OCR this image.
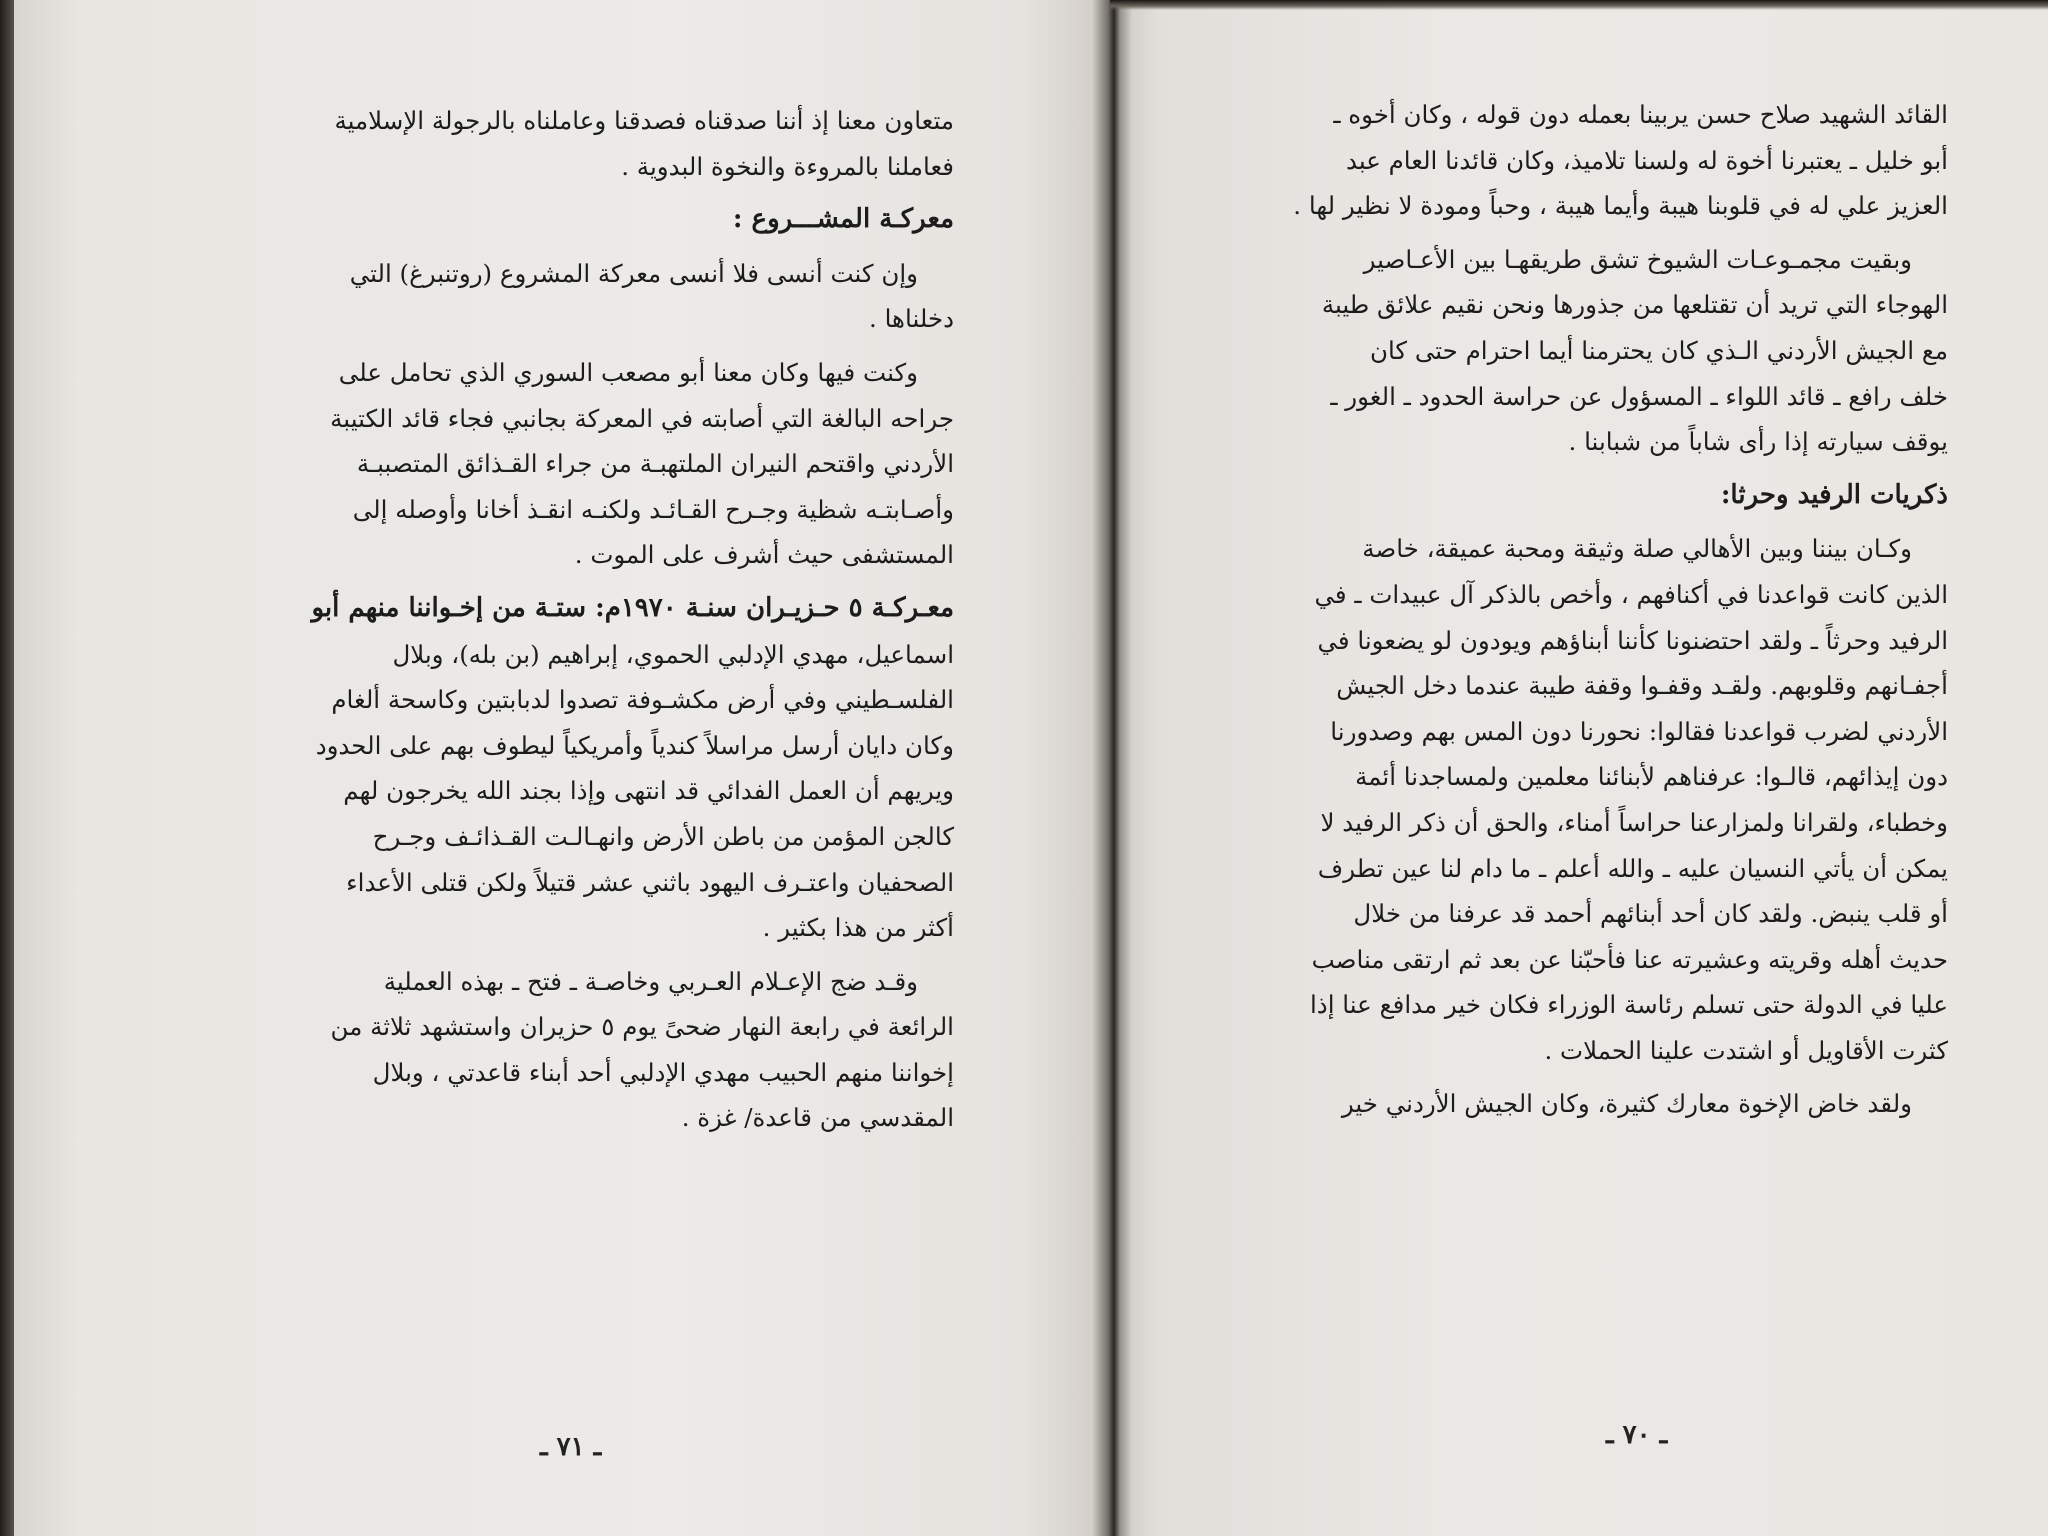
متعاون معنا إذ أننا صدقناه فصدقنا وعاملناه بالرجولة الإسلامية

فعاملنا بالمروءة والنخوة البدوية .

معركـة المشـــروع :

وإن كنت أنسى فلا أنسى معركة المشروع (روتنبرغ) التي

دخلناها .

وكنت فيها وكان معنا أبو مصعب السوري الذي تحامل على

جراحه البالغة التي أصابته في المعركة بجانبي فجاء قائد الكتيبة

الأردني واقتحم النيران الملتهبـة من جراء القـذائق المتصببـة

وأصـابتـه شظية وجـرح القـائـد ولكنـه انقـذ أخانا وأوصله إلى

المستشفى حيث أشرف على الموت .

معـركـة ٥ حـزيـران سنـة ١٩٧٠م: ستـة من إخـواننا منهم أبو

اسماعيل، مهدي الإدلبي الحموي، إبراهيم (بن بله)، وبلال

الفلسـطيني وفي أرض مكشـوفة تصدوا لدبابتين وكاسحة ألغام

وكان دايان أرسل مراسلاً كندياً وأمريكياً ليطوف بهم على الحدود

ويريهم أن العمل الفدائي قد انتهى وإذا بجند الله يخرجون لهم

كالجن المؤمن من باطن الأرض وانهـالـت القـذائـف وجـرح

الصحفيان واعتـرف اليهود باثني عشر قتيلاً ولكن قتلى الأعداء

أكثر من هذا بكثير .

وقـد ضج الإعـلام العـربي وخاصـة ـ فتح ـ بهذه العملية

الرائعة في رابعة النهار ضحىً يوم ٥ حزيران واستشهد ثلاثة من

إخواننا منهم الحبيب مهدي الإدلبي أحد أبناء قاعدتي ، وبلال

المقدسي من قاعدة/ غزة .

القائد الشهيد صلاح حسن يربينا بعمله دون قوله ، وكان أخوه ـ

أبو خليل ـ يعتبرنا أخوة له ولسنا تلاميذ، وكان قائدنا العام عبد

العزيز علي له في قلوبنا هيبة وأيما هيبة ، وحباً ومودة لا نظير لها .

وبقيت مجمـوعـات الشيوخ تشق طريقهـا بين الأعـاصير

الهوجاء التي تريد أن تقتلعها من جذورها ونحن نقيم علائق طيبة

مع الجيش الأردني الـذي كان يحترمنا أيما احترام حتى كان

خلف رافع ـ قائد اللواء ـ المسؤول عن حراسة الحدود ـ الغور ـ

يوقف سيارته إذا رأى شاباً من شبابنا .

ذكريات الرفيد وحرثا:

وكـان بيننا وبين الأهالي صلة وثيقة ومحبة عميقة، خاصة

الذين كانت قواعدنا في أكنافهم ، وأخص بالذكر آل عبيدات ـ في

الرفيد وحرثاً ـ ولقد احتضنونا كأننا أبناؤهم ويودون لو يضعونا في

أجفـانهم وقلوبهم. ولقـد وقفـوا وقفة طيبة عندما دخل الجيش

الأردني لضرب قواعدنا فقالوا: نحورنا دون المس بهم وصدورنا

دون إيذائهم، قالـوا: عرفناهم لأبنائنا معلمين ولمساجدنا أئمة

وخطباء، ولقرانا ولمزارعنا حراساً أمناء، والحق أن ذكر الرفيد لا

يمكن أن يأتي النسيان عليه ـ والله أعلم ـ ما دام لنا عين تطرف

أو قلب ينبض. ولقد كان أحد أبنائهم أحمد قد عرفنا من خلال

حديث أهله وقريته وعشيرته عنا فأحبّنا عن بعد ثم ارتقى مناصب

عليا في الدولة حتى تسلم رئاسة الوزراء فكان خير مدافع عنا إذا

كثرت الأقاويل أو اشتدت علينا الحملات .

ولقد خاض الإخوة معارك كثيرة، وكان الجيش الأردني خير

ـ ٧١ ـ	ـ ٧٠ ـ
